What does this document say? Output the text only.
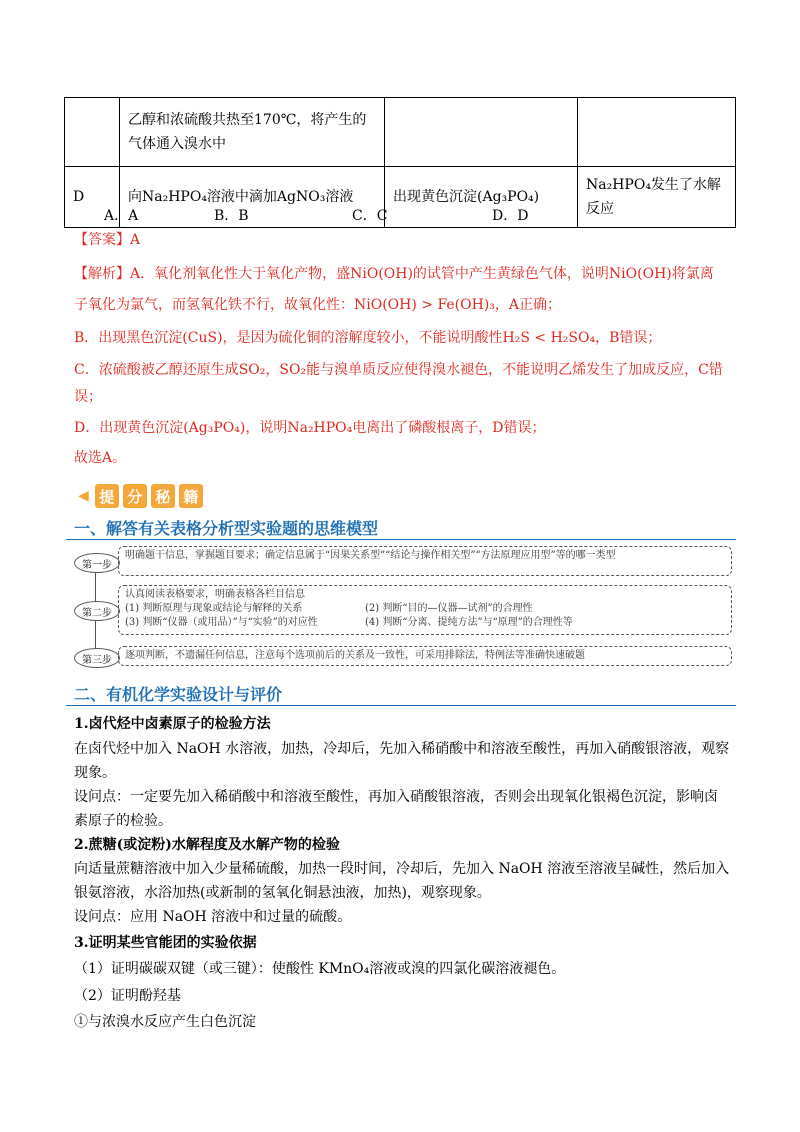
	乙醇和浓硫酸共热至170℃，将产生的
气体通入溴水中		

D	向Na₂HPO₄溶液中滴加AgNO₃溶液	出现黄色沉淀(Ag₃PO₄)	Na₂HPO₄发生了水解反应
A．A	B．B	C．C	D．D
【答案】A
【解析】A．氧化剂氧化性大于氧化产物，盛NiO(OH)的试管中产生黄绿色气体，说明NiO(OH)将氯离
子氧化为氯气，而氢氧化铁不行，故氧化性：NiO(OH) > Fe(OH)₃，A正确；
B．出现黑色沉淀(CuS)，是因为硫化铜的溶解度较小，不能说明酸性H₂S < H₂SO₄，B错误；
C．浓硫酸被乙醇还原生成SO₂，SO₂能与溴单质反应使得溴水褪色，不能说明乙烯发生了加成反应，C错
误；
D．出现黄色沉淀(Ag₃PO₄)，说明Na₂HPO₄电离出了磷酸根离子，D错误；
故选A。
◀ 提 分 秘 籍
一、解答有关表格分析型实验题的思维模型
第一步
明确题干信息，掌握题目要求；确定信息属于“因果关系型”“结论与操作相关型”“方法原理应用型”等的哪一类型
第二步
认真阅读表格要求，明确表格各栏目信息
(1) 判断原理与现象或结论与解释的关系	(2) 判断“目的—仪器—试剂”的合理性
(3) 判断“仪器（或用品）”与“实验”的对应性	(4) 判断“分离、提纯方法”与“原理”的合理性等
第三步	逐项判断，不遗漏任何信息，注意每个选项前后的关系及一致性，可采用排除法，特例法等准确快速破题
二、有机化学实验设计与评价
1.卤代烃中卤素原子的检验方法
在卤代烃中加入 NaOH 水溶液，加热，冷却后，先加入稀硝酸中和溶液至酸性，再加入硝酸银溶液，观察
现象。
设问点：一定要先加入稀硝酸中和溶液至酸性，再加入硝酸银溶液，否则会出现氧化银褐色沉淀，影响卤
素原子的检验。
2.蔗糖(或淀粉)水解程度及水解产物的检验
向适量蔗糖溶液中加入少量稀硫酸，加热一段时间，冷却后，先加入 NaOH 溶液至溶液呈碱性，然后加入
银氨溶液，水浴加热(或新制的氢氧化铜悬浊液，加热)，观察现象。
设问点：应用 NaOH 溶液中和过量的硫酸。
3.证明某些官能团的实验依据
（1）证明碳碳双键（或三键）：使酸性 KMnO₄溶液或溴的四氯化碳溶液褪色。
（2）证明酚羟基
①与浓溴水反应产生白色沉淀
